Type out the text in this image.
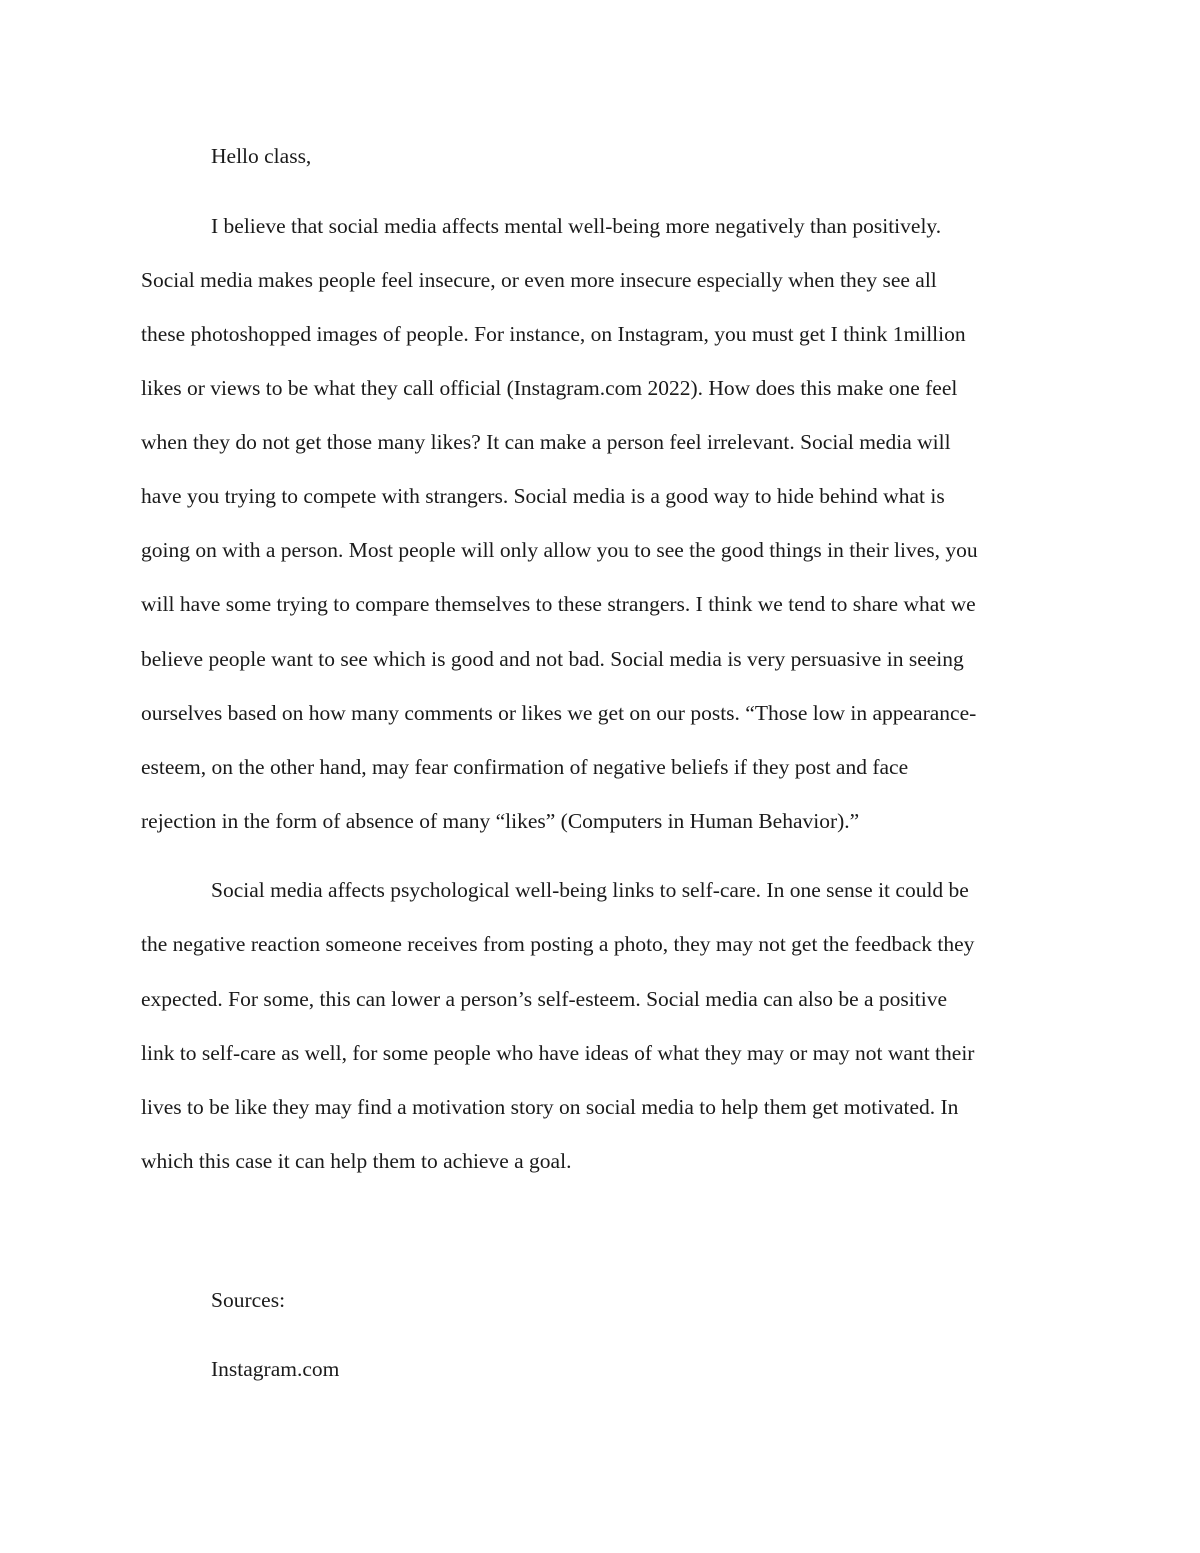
Hello class,
I believe that social media affects mental well-being more negatively than positively.
Social media makes people feel insecure, or even more insecure especially when they see all
these photoshopped images of people. For instance, on Instagram, you must get I think 1million
likes or views to be what they call official (Instagram.com 2022). How does this make one feel
when they do not get those many likes? It can make a person feel irrelevant. Social media will
have you trying to compete with strangers. Social media is a good way to hide behind what is
going on with a person. Most people will only allow you to see the good things in their lives, you
will have some trying to compare themselves to these strangers. I think we tend to share what we
believe people want to see which is good and not bad. Social media is very persuasive in seeing
ourselves based on how many comments or likes we get on our posts. “Those low in appearance-
esteem, on the other hand, may fear confirmation of negative beliefs if they post and face
rejection in the form of absence of many “likes” (Computers in Human Behavior).”
Social media affects psychological well-being links to self-care. In one sense it could be
the negative reaction someone receives from posting a photo, they may not get the feedback they
expected. For some, this can lower a person’s self-esteem. Social media can also be a positive
link to self-care as well, for some people who have ideas of what they may or may not want their
lives to be like they may find a motivation story on social media to help them get motivated. In
which this case it can help them to achieve a goal.
Sources:
Instagram.com
